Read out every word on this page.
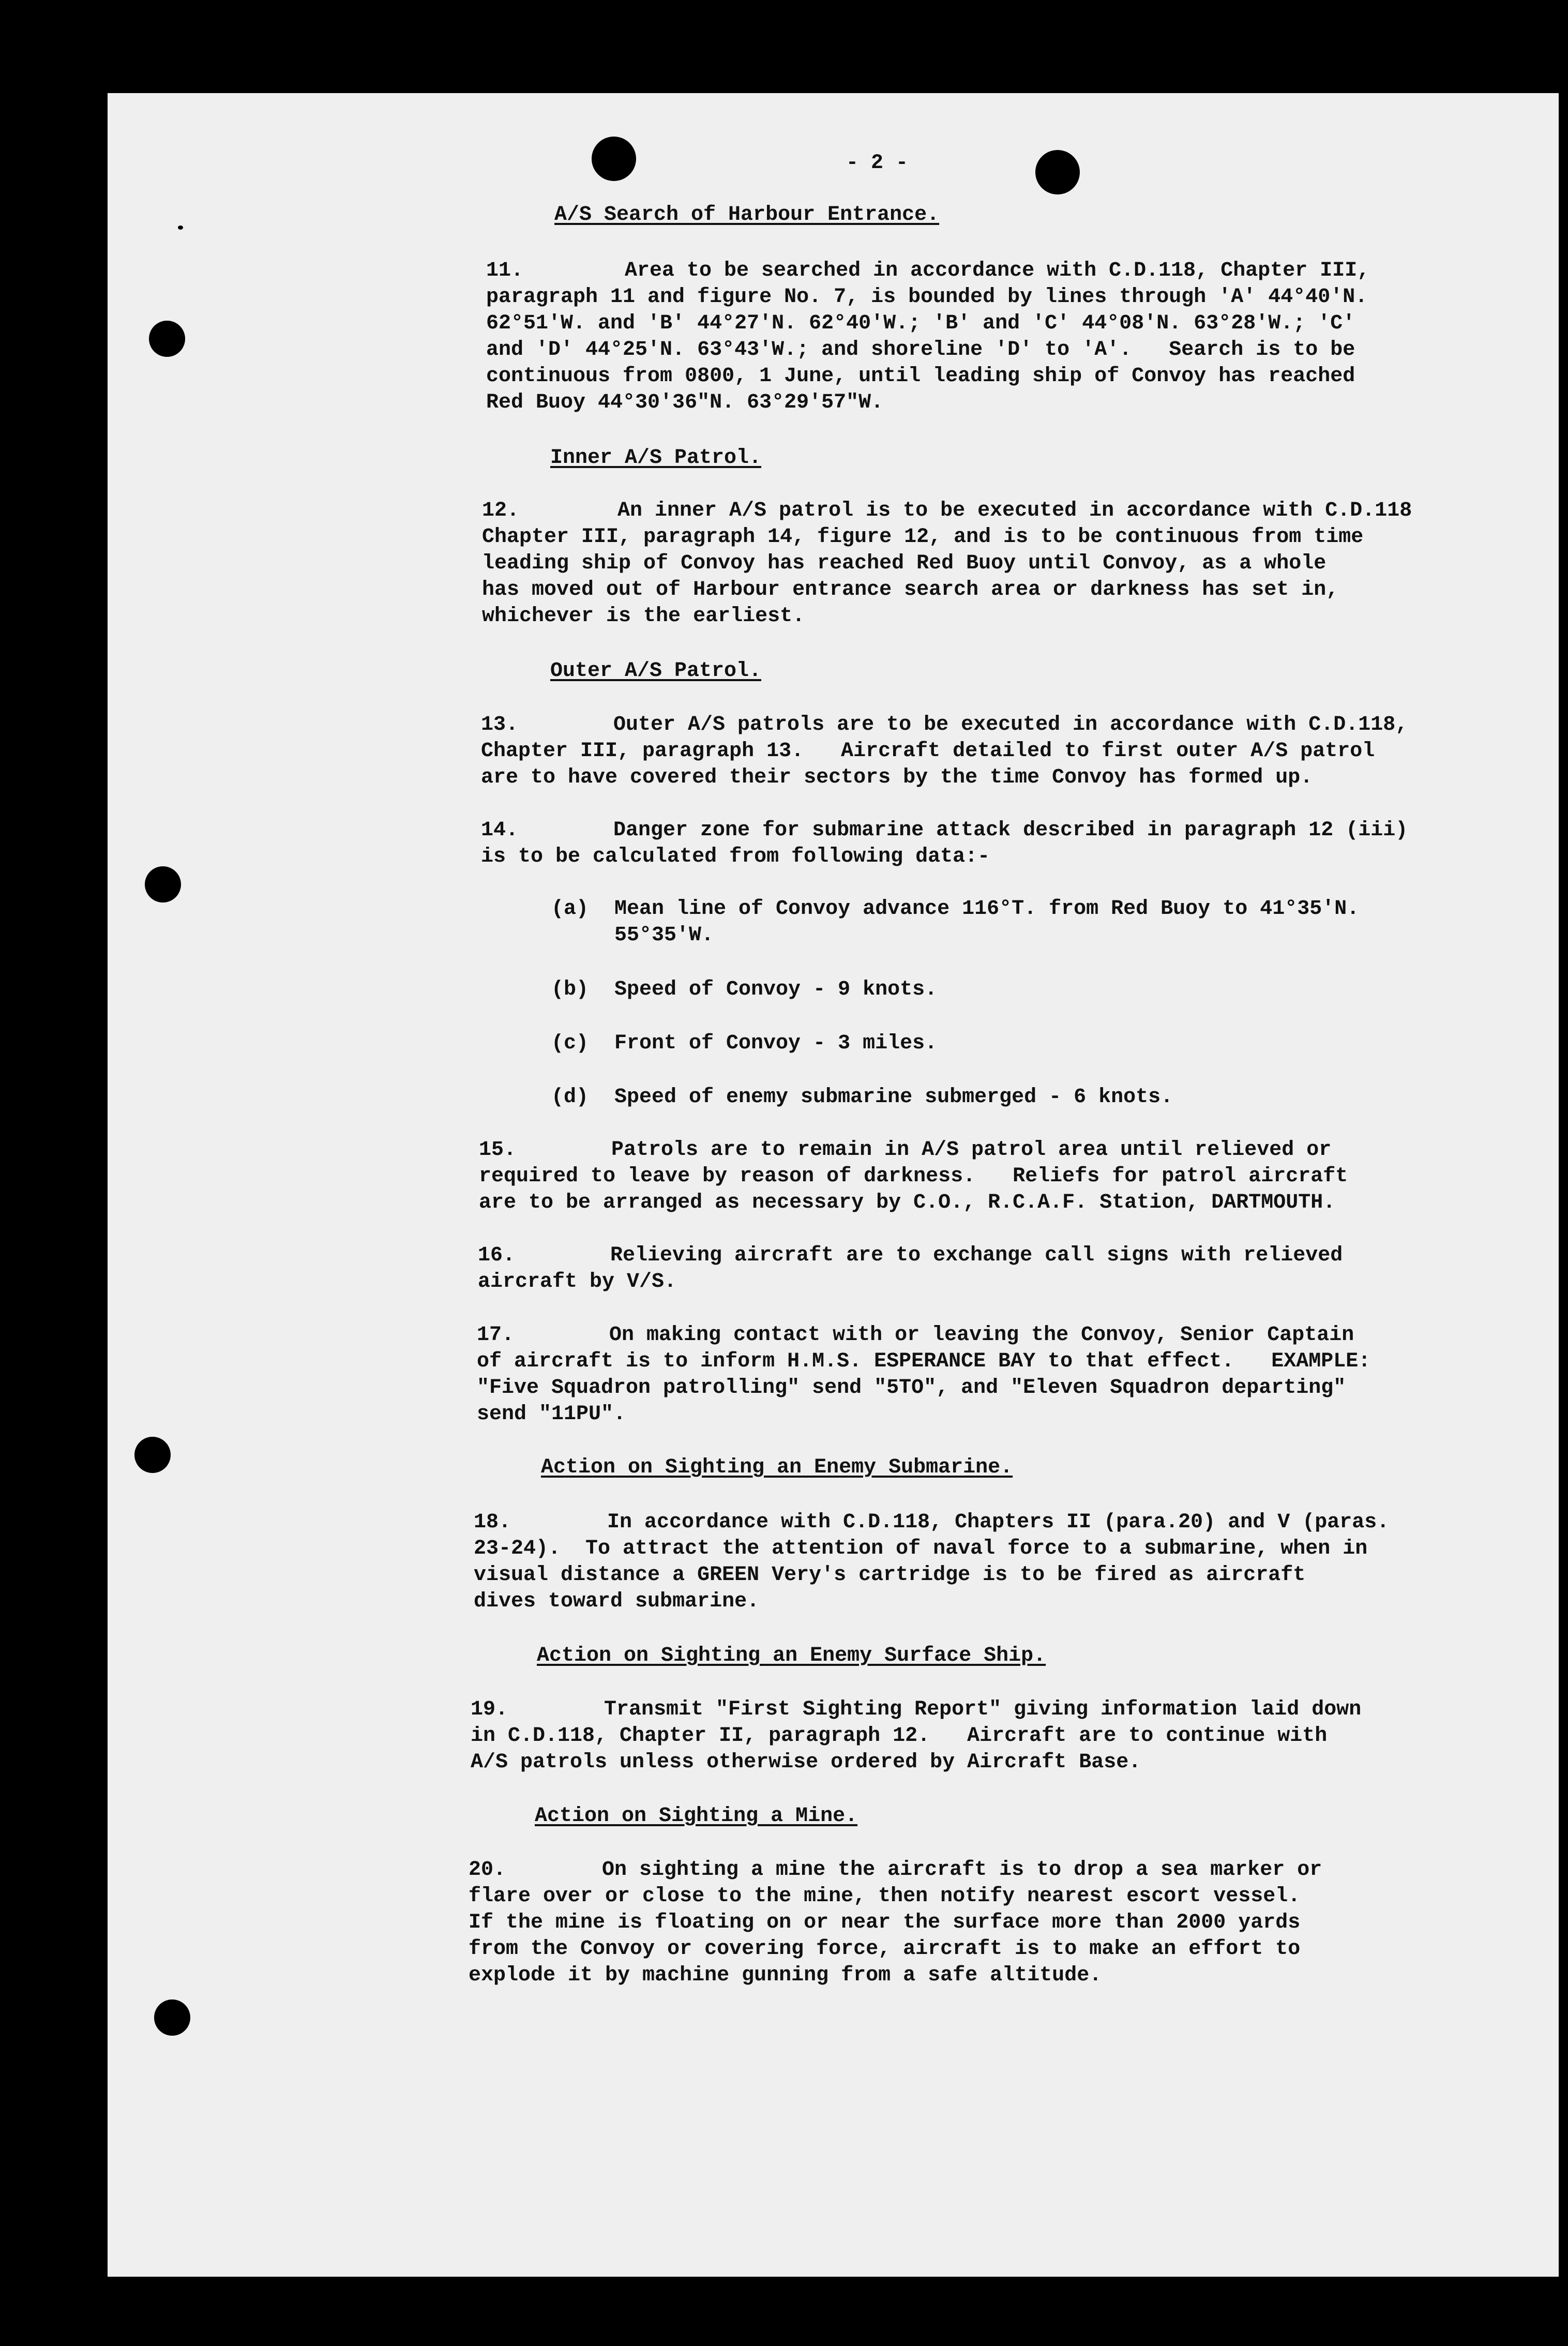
- 2 -
A/S Search of Harbour Entrance.
11.	Area to be searched in accordance with C.D.118, Chapter III,
paragraph 11 and figure No. 7, is bounded by lines through 'A' 44°40'N.
62°51'W. and 'B' 44°27'N. 62°40'W.; 'B' and 'C' 44°08'N. 63°28'W.; 'C'
and 'D' 44°25'N. 63°43'W.; and shoreline 'D' to 'A'.   Search is to be
continuous from 0800, 1 June, until leading ship of Convoy has reached
Red Buoy 44°30'36"N. 63°29'57"W.
Inner A/S Patrol.
12.	An inner A/S patrol is to be executed in accordance with C.D.118
Chapter III, paragraph 14, figure 12, and is to be continuous from time
leading ship of Convoy has reached Red Buoy until Convoy, as a whole
has moved out of Harbour entrance search area or darkness has set in,
whichever is the earliest.
Outer A/S Patrol.
13.	Outer A/S patrols are to be executed in accordance with C.D.118,
Chapter III, paragraph 13.   Aircraft detailed to first outer A/S patrol
are to have covered their sectors by the time Convoy has formed up.
14.	Danger zone for submarine attack described in paragraph 12 (iii)
is to be calculated from following data:-
(a) Mean line of Convoy advance 116°T. from Red Buoy to 41°35'N.
55°35'W.
(b) Speed of Convoy - 9 knots.
(c) Front of Convoy - 3 miles.
(d) Speed of enemy submarine submerged - 6 knots.
15.	Patrols are to remain in A/S patrol area until relieved or
required to leave by reason of darkness.   Reliefs for patrol aircraft
are to be arranged as necessary by C.O., R.C.A.F. Station, DARTMOUTH.
16.	Relieving aircraft are to exchange call signs with relieved
aircraft by V/S.
17.	On making contact with or leaving the Convoy, Senior Captain
of aircraft is to inform H.M.S. ESPERANCE BAY to that effect.   EXAMPLE:
"Five Squadron patrolling" send "5TO", and "Eleven Squadron departing"
send "11PU".
Action on Sighting an Enemy Submarine.
18.	In accordance with C.D.118, Chapters II (para.20) and V (paras.
23-24).  To attract the attention of naval force to a submarine, when in
visual distance a GREEN Very's cartridge is to be fired as aircraft
dives toward submarine.
Action on Sighting an Enemy Surface Ship.
19.	Transmit "First Sighting Report" giving information laid down
in C.D.118, Chapter II, paragraph 12.   Aircraft are to continue with
A/S patrols unless otherwise ordered by Aircraft Base.
Action on Sighting a Mine.
20.	On sighting a mine the aircraft is to drop a sea marker or
flare over or close to the mine, then notify nearest escort vessel.
If the mine is floating on or near the surface more than 2000 yards
from the Convoy or covering force, aircraft is to make an effort to
explode it by machine gunning from a safe altitude.
